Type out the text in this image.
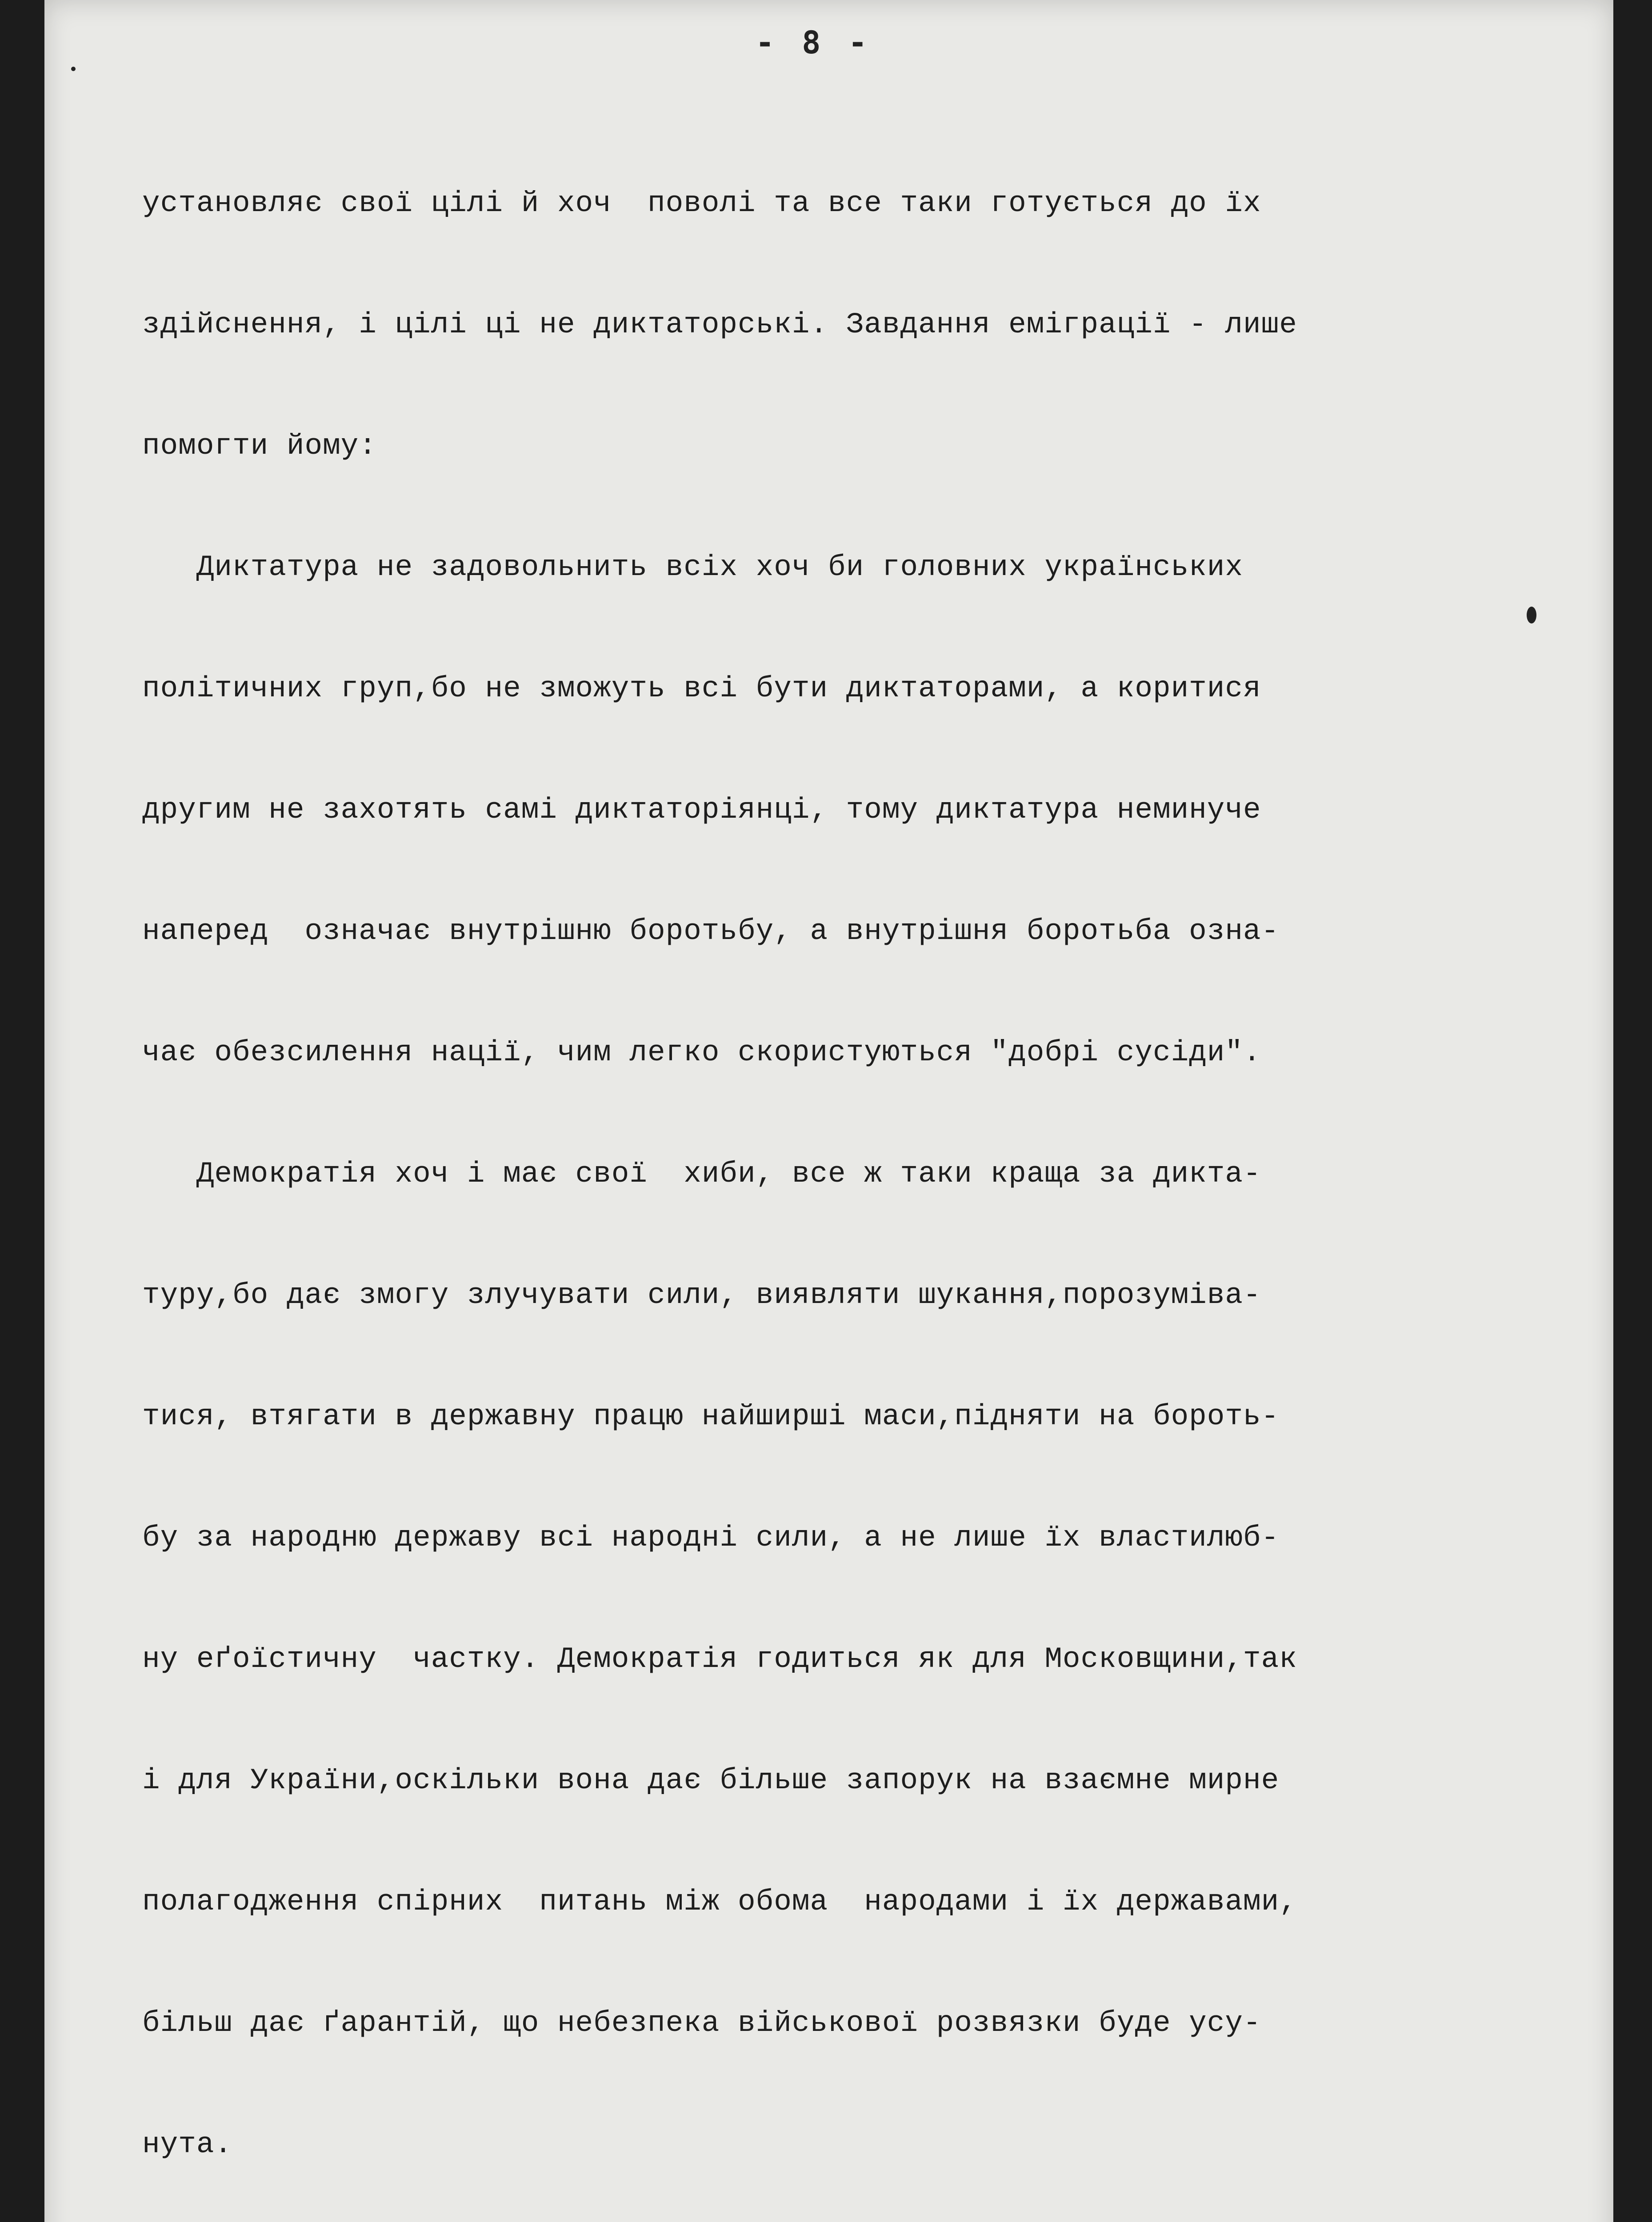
- 8 -

установляє свої цілі й хоч  поволі та все таки готується до їх

здійснення, і цілі ці не диктаторські. Завдання еміграції - лише

помогти йому:

Диктатура не задовольнить всіх хоч би головних українських

політичних груп,бо не зможуть всі бути диктаторами, а коритися

другим не захотять самі диктаторіянці, тому диктатура неминуче

наперед  означає внутрішню боротьбу, а внутрішня боротьба озна-

чає обезсилення нації, чим легко скористуються "добрі сусіди".

Демократія хоч і має свої  хиби, все ж таки краща за дикта-

туру,бо дає змогу злучувати сили, виявляти шукання,порозуміва-

тися, втягати в державну працю найширші маси,підняти на бороть-

бу за народню державу всі народні сили, а не лише їх властилюб-

ну еґоїстичну  частку. Демократія годиться як для Московщини,так

і для України,оскільки вона дає більше запорук на взаємне мирне

полагодження спірних  питань між обома  народами і їх державами,

більш дає ґарантій, що небезпека військової розвязки буде усу-

нута.
